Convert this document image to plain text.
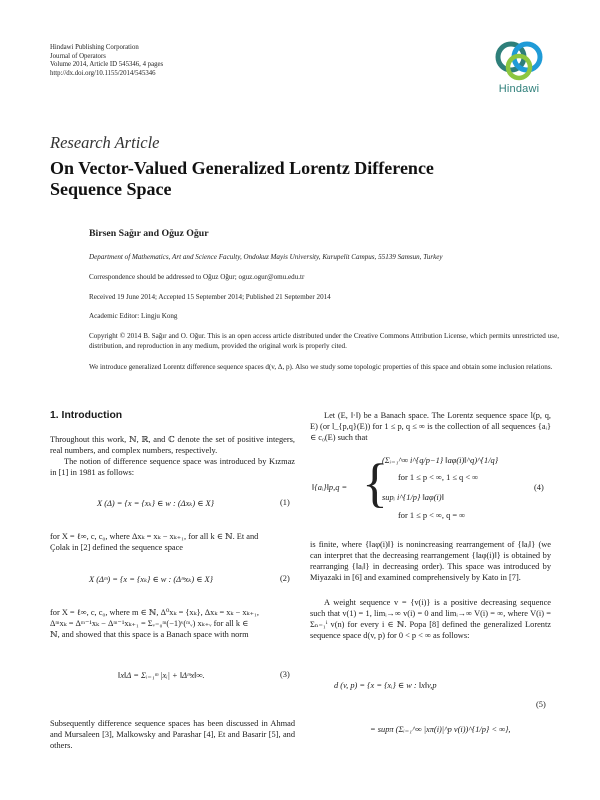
Hindawi Publishing Corporation
Journal of Operators
Volume 2014, Article ID 545346, 4 pages
http://dx.doi.org/10.1155/2014/545346
Hindawi
Research Article
On Vector-Valued Generalized Lorentz Difference
Sequence Space
Birsen Sağır and Oğuz Oğur
Department of Mathematics, Art and Science Faculty, Ondokuz Mayis University, Kurupelit Campus, 55139 Samsun, Turkey
Correspondence should be addressed to Oğuz Oğur; oguz.ogur@omu.edu.tr
Received 19 June 2014; Accepted 15 September 2014; Published 21 September 2014
Academic Editor: Lingju Kong
Copyright © 2014 B. Sağır and O. Oğur. This is an open access article distributed under the Creative Commons Attribution License, which permits unrestricted use, distribution, and reproduction in any medium, provided the original work is properly cited.
We introduce generalized Lorentz difference sequence spaces d(v, Δ, p). Also we study some topologic properties of this space and obtain some inclusion relations.
1. Introduction
Throughout this work, ℕ, ℝ, and ℂ denote the set of positive integers, real numbers, and complex numbers, respectively.
The notion of difference sequence space was introduced by Kızmaz in [1] in 1981 as follows:
X (Δ) = {x = {xₖ} ∈ w : (Δxₖ) ∈ X}	(1)
for X = ℓ∞, c, c₀, where Δxₖ = xₖ − xₖ₊₁, for all k ∈ ℕ. Et and
Çolak in [2] defined the sequence space
X (Δᵐ) = {x = {xₖ} ∈ w : (Δᵐxₖ) ∈ X}	(2)
for X = ℓ∞, c, c₀, where m ∈ ℕ, Δ⁰xₖ = {xₖ}, Δxₖ = xₖ − xₖ₊₁,
Δᵐxₖ = Δᵐ⁻¹xₖ − Δᵐ⁻¹xₖ₊₁ = Σᵥ₌₀ᵐ(−1)ᵛ(ᵐᵥ) xₖ₊ᵥ for all k ∈
ℕ, and showed that this space is a Banach space with norm
‖x‖Δ = Σᵢ₌₁ᵐ |xᵢ| + ‖Δᵐx‖∞.	(3)
Subsequently difference sequence spaces has been discussed in Ahmad and Mursaleen [3], Malkowsky and Parashar [4], Et and Basarir [5], and others.
Let (E, ‖·‖) be a Banach space. The Lorentz sequence space l(p, q, E) (or l_{p,q}(E)) for 1 ≤ p, q ≤ ∞ is the collection of all sequences {aᵢ} ∈ c₀(E) such that
‖{aᵢ}‖p,q = {
(Σᵢ₌₁^∞ i^{q/p−1} ‖aφ(i)‖^q)^{1/q}
for 1 ≤ p < ∞, 1 ≤ q < ∞
supᵢ i^{1/p} ‖aφ(i)‖
for 1 ≤ p < ∞, q = ∞
(4)
is finite, where {‖aφ(i)‖} is nonincreasing rearrangement of {‖aᵢ‖} (we can interpret that the decreasing rearrangement {‖aφ(i)‖} is obtained by rearranging {‖aᵢ‖} in decreasing order). This space was introduced by Miyazaki in [6] and examined comprehensively by Kato in [7].
A weight sequence v = {v(i)} is a positive decreasing sequence such that v(1) = 1, limᵢ→∞ v(i) = 0 and limᵢ→∞ V(i) = ∞, where V(i) = Σₙ₌₁ⁱ v(n) for every i ∈ ℕ. Popa [8] defined the generalized Lorentz sequence space d(v, p) for 0 < p < ∞ as follows:
d (v, p) = {x = {xᵢ} ∈ w : ‖x‖v,p
(5)
= supπ (Σᵢ₌₁^∞ |xπ(i)|^p v(i))^{1/p} < ∞},
